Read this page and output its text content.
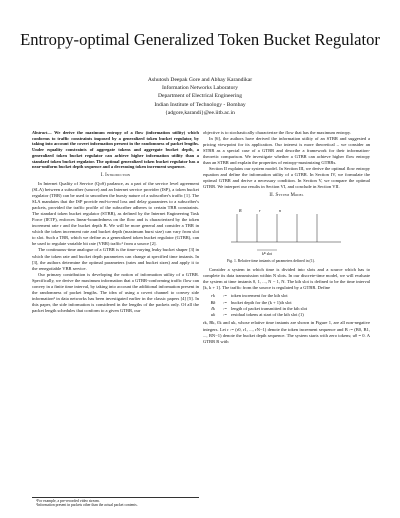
Entropy-optimal Generalized Token Bucket Regulator
Ashutosh Deepak Gore and Abhay Karandikar
Information Networks Laboratory
Department of Electrical Engineering
Indian Institute of Technology - Bombay
{adgore,karandi}@ee.iitb.ac.in

Abstract— We derive the maximum entropy of a flow (information utility) which conforms to traffic constraints imposed by a generalized token bucket regulator, by taking into account the covert information present in the randomness of packet lengths. Under equality constraints of aggregate tokens and aggregate bucket depth, a generalized token bucket regulator can achieve higher information utility than a standard token bucket regulator. The optimal generalized token bucket regulator has a near-uniform bucket depth sequence and a decreasing token increment sequence.

I. Introduction

In Internet Quality of Service (QoS) parlance, as a part of the service level agreement (SLA) between a subscriber (source) and an Internet service provider (ISP), a token bucket regulator (TBR) can be used to smoothen the bursty nature of a subscriber's traffic [1]. The SLA mandates that the ISP provide end-to-end loss and delay guarantees to a subscriber's packets, provided the traffic profile of the subscriber adheres to certain TBR constraints. The standard token bucket regulator (STBR), as defined by the Internet Engineering Task Force (IETF), enforces linear-boundedness on the flow and is characterized by the token increment rate r and the bucket depth B. We will be more general and consider a TBR in which the token increment rate and bucket depth (maximum burst size) can vary from slot to slot. Such a TBR, which we define as a generalized token bucket regulator (GTBR), can be used to regulate variable bit rate (VBR) traffic¹ from a source [2].

The continuous-time analogue of a GTBR is the time-varying leaky bucket shaper [3] in which the token rate and bucket depth parameters can change at specified time instants. In [3], the authors determine the optimal parameters (rates and bucket sizes) and apply it to the renegotiable VBR service.

Our primary contribution is developing the notion of information utility of a GTBR. Specifically, we derive the maximum information that a GTBR-conforming traffic flow can convey in a finite time interval, by taking into account the additional information present in the randomness of packet lengths. The idea of using a covert channel to convey side information² in data networks has been investigated earlier in the classic papers [4] [5]. In this paper, the side information is considered in the lengths of the packets only. Of all the packet length schedules that conform to a given GTBR, our

¹For example, a pre-recorded video stream.
²Information present in packets other than the actual packet contents.

objective is to stochastically characterize the flow that has the maximum entropy.

In [6], the authors have derived the information utility of an STBR and suggested a pricing viewpoint for its application. Our interest is more theoretical – we consider an STBR as a special case of a GTBR and describe a framework for their information-theoretic comparison. We investigate whether a GTBR can achieve higher flow entropy than an STBR and explain the properties of entropy-maximizing GTBRs.

Section II explains our system model. In Section III, we derive the optimal flow entropy equation and define the information utility of a GTBR. In Section IV, we formulate the optimal GTBR and derive a necessary condition. In Section V, we compare the optimal GTBR. We interpret our results in Section VI, and conclude in Section VII.

II. System Model
$k^{th}$ slot
B	r	n
Fig. 1. Relative time instants of parameters defined in (1).

Consider a system in which time is divided into slots and a source which has to complete its data transmission within N slots. In our discrete-time model, we will evaluate the system at time instants 0, 1, ..., N − 1, N. The kth slot is defined to be the time interval [k, k + 1]. The traffic from the source is regulated by a GTBR. Define

rk	:= token increment for the kth slot
Bk	:= bucket depth for the (k + 1)th slot
ℓk	:= length of packet transmitted in the kth slot
uk	:= residual tokens at start of the kth slot (1)

rk, Bk, ℓk and uk, whose relative time instants are shown in Figure 1, are all non-negative integers. Let r := (r0, r1, ..., rN−1) denote the token increment sequence and B := (B0, B1, ..., BN−1) denote the bucket depth sequence. The system starts with zero tokens; u0 = 0. A GTBR R with
